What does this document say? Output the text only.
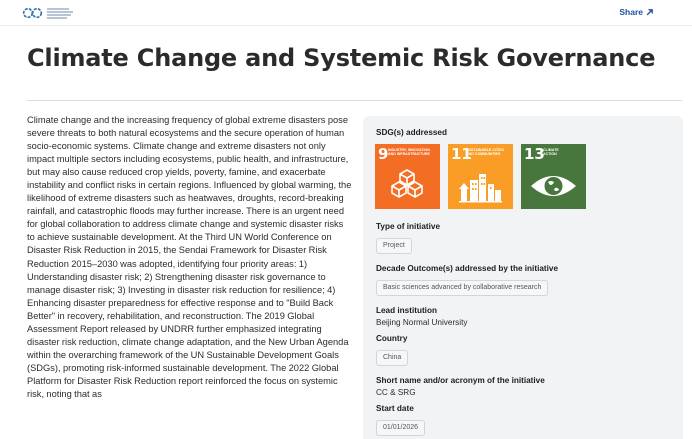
Share
Climate Change and Systemic Risk Governance
Climate change and the increasing frequency of global extreme disasters pose severe threats to both natural ecosystems and the secure operation of human socio-economic systems. Climate change and extreme disasters not only impact multiple sectors including ecosystems, public health, and infrastructure, but may also cause reduced crop yields, poverty, famine, and exacerbate instability and conflict risks in certain regions. Influenced by global warming, the likelihood of extreme disasters such as heatwaves, droughts, record-breaking rainfall, and catastrophic floods may further increase. There is an urgent need for global collaboration to address climate change and systemic disaster risks to achieve sustainable development. At the Third UN World Conference on Disaster Risk Reduction in 2015, the Sendai Framework for Disaster Risk Reduction 2015–2030 was adopted, identifying four priority areas: 1) Understanding disaster risk; 2) Strengthening disaster risk governance to manage disaster risk; 3) Investing in disaster risk reduction for resilience; 4) Enhancing disaster preparedness for effective response and to "Build Back Better" in recovery, rehabilitation, and reconstruction. The 2019 Global Assessment Report released by UNDRR further emphasized integrating disaster risk reduction, climate change adaptation, and the New Urban Agenda within the overarching framework of the UN Sustainable Development Goals (SDGs), promoting risk-informed sustainable development. The 2022 Global Platform for Disaster Risk Reduction report reinforced the focus on systemic risk, noting that as
SDG(s) addressed
9 INDUSTRY, INNOVATION AND INFRASTRUCTURE	11
SUSTAINABLE CITIES AND COMMUNITIES	13
CLIMATE ACTION
Type of initiative
Project
Decade Outcome(s) addressed by the initiative
Basic sciences advanced by collaborative research
Lead institution
Beijing Normal University
Country
China
Short name and/or acronym of the initiative
CC & SRG
Start date
01/01/2026
